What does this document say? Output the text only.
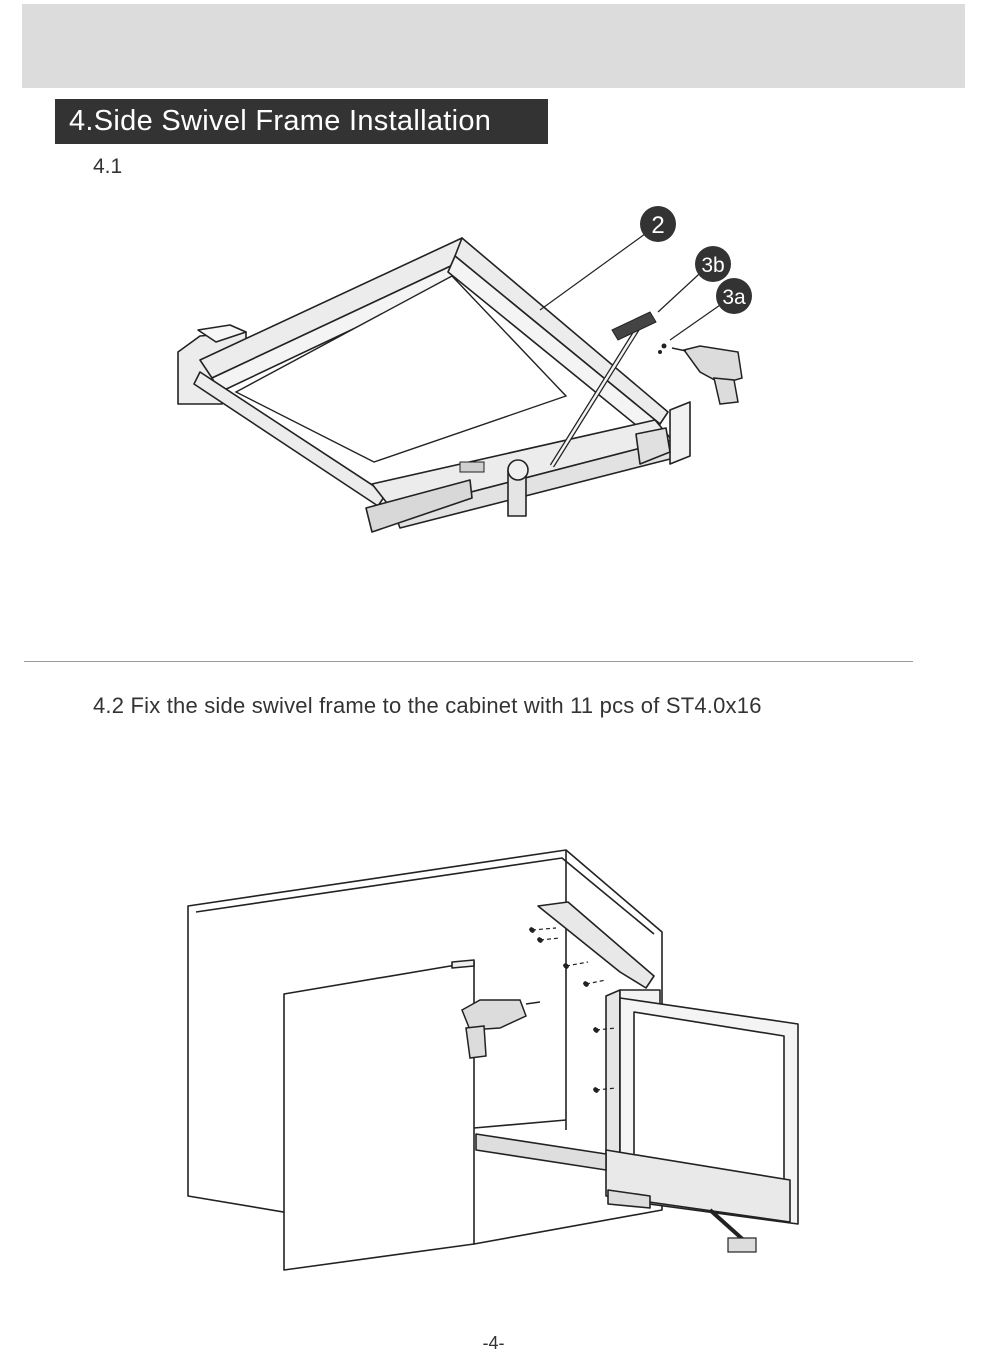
4.Side Swivel Frame Installation
4.1
2
3b
3a
4.2 Fix the side swivel frame to the cabinet with 11 pcs of ST4.0x16
-4-
